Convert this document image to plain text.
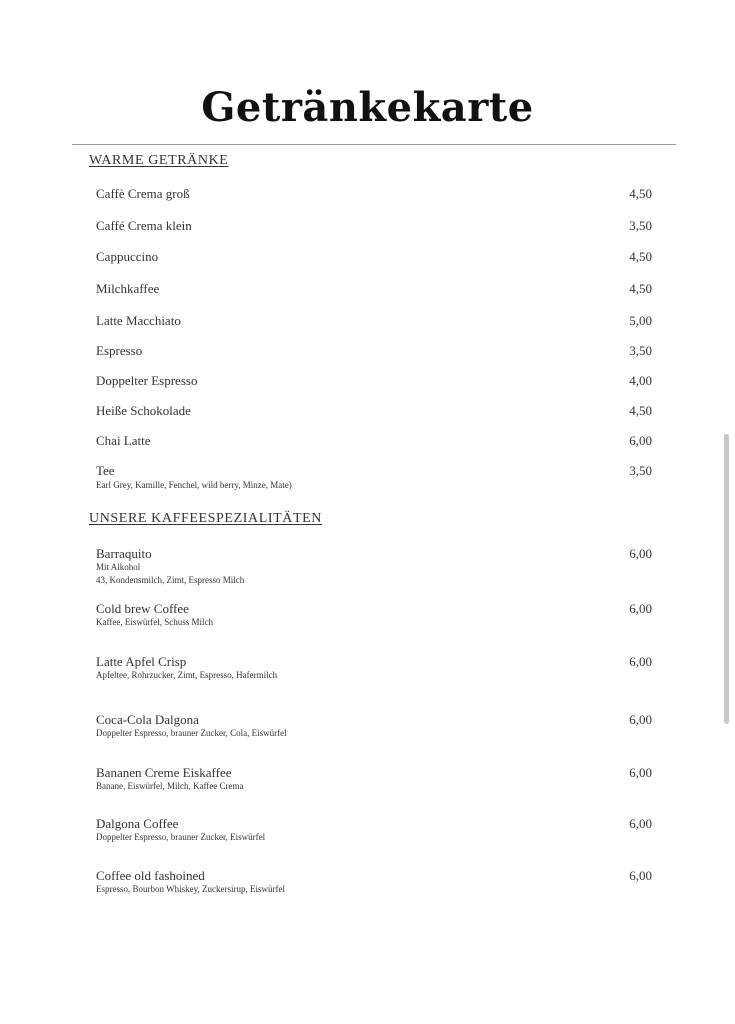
Getränkekarte
WARME GETRÄNKE
Caffè Crema groß	4,50
Caffé Crema klein	3,50
Cappuccino	4,50
Milchkaffee	4,50
Latte Macchiato	5,00
Espresso	3,50
Doppelter Espresso	4,00
Heiße Schokolade	4,50
Chai Latte	6,00
Tee	3,50
Earl Grey, Kamille, Fenchel, wild berry, Minze, Mate)
UNSERE KAFFEESPEZIALITÄTEN
Barraquito	6,00
Mit Alkohol
43, Kondensmilch, Zimt, Espresso Milch
Cold brew Coffee	6,00
Kaffee, Eiswürfel, Schuss Milch
Latte Apfel Crisp	6,00
Apfeltee, Rohrzucker, Zimt, Espresso, Hafermilch
Coca-Cola Dalgona	6,00
Doppelter Espresso, brauner Zucker, Cola, Eiswürfel
Bananen Creme Eiskaffee	6,00
Banane, Eiswürfel, Milch, Kaffee Crema
Dalgona Coffee	6,00
Doppelter Espresso, brauner Zucker, Eiswürfel
Coffee old fashoined	6,00
Espresso, Bourbon Whiskey, Zuckersirup, Eiswürfel
